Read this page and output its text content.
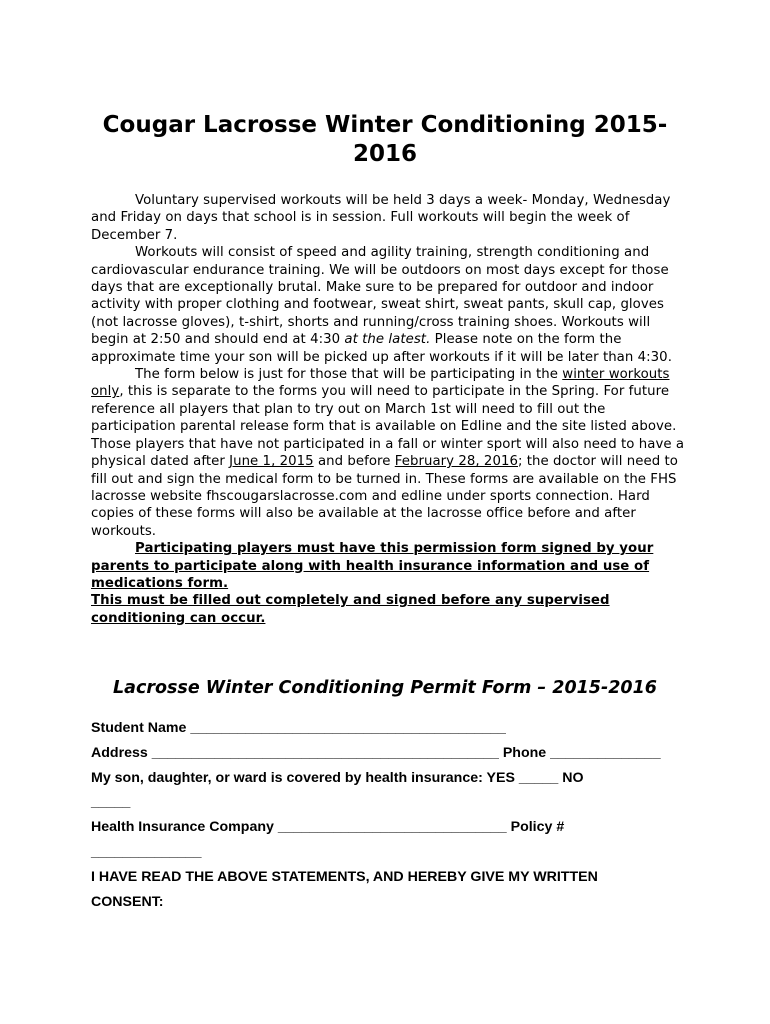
Cougar Lacrosse Winter Conditioning 2015-2016

Voluntary supervised workouts will be held 3 days a week- Monday, Wednesday and Friday on days that school is in session. Full workouts will begin the week of December 7.

Workouts will consist of speed and agility training, strength conditioning and cardiovascular endurance training. We will be outdoors on most days except for those days that are exceptionally brutal. Make sure to be prepared for outdoor and indoor activity with proper clothing and footwear, sweat shirt, sweat pants, skull cap, gloves (not lacrosse gloves), t-shirt, shorts and running/cross training shoes. Workouts will begin at 2:50 and should end at 4:30 at the latest. Please note on the form the approximate time your son will be picked up after workouts if it will be later than 4:30.

The form below is just for those that will be participating in the winter workouts only, this is separate to the forms you will need to participate in the Spring. For future reference all players that plan to try out on March 1st will need to fill out the participation parental release form that is available on Edline and the site listed above. Those players that have not participated in a fall or winter sport will also need to have a physical dated after June 1, 2015 and before February 28, 2016; the doctor will need to fill out and sign the medical form to be turned in. These forms are available on the FHS lacrosse website fhscougarslacrosse.com and edline under sports connection. Hard copies of these forms will also be available at the lacrosse office before and after workouts.

Participating players must have this permission form signed by your parents to participate along with health insurance information and use of medications form.

This must be filled out completely and signed before any supervised conditioning can occur.

Lacrosse Winter Conditioning Permit Form – 2015-2016

Student Name ________________________________________

Address ____________________________________________ Phone ______________

My son, daughter, or ward is covered by health insurance: YES _____ NO

_____

Health Insurance Company _____________________________ Policy #

______________

I HAVE READ THE ABOVE STATEMENTS, AND HEREBY GIVE MY WRITTEN

CONSENT:
